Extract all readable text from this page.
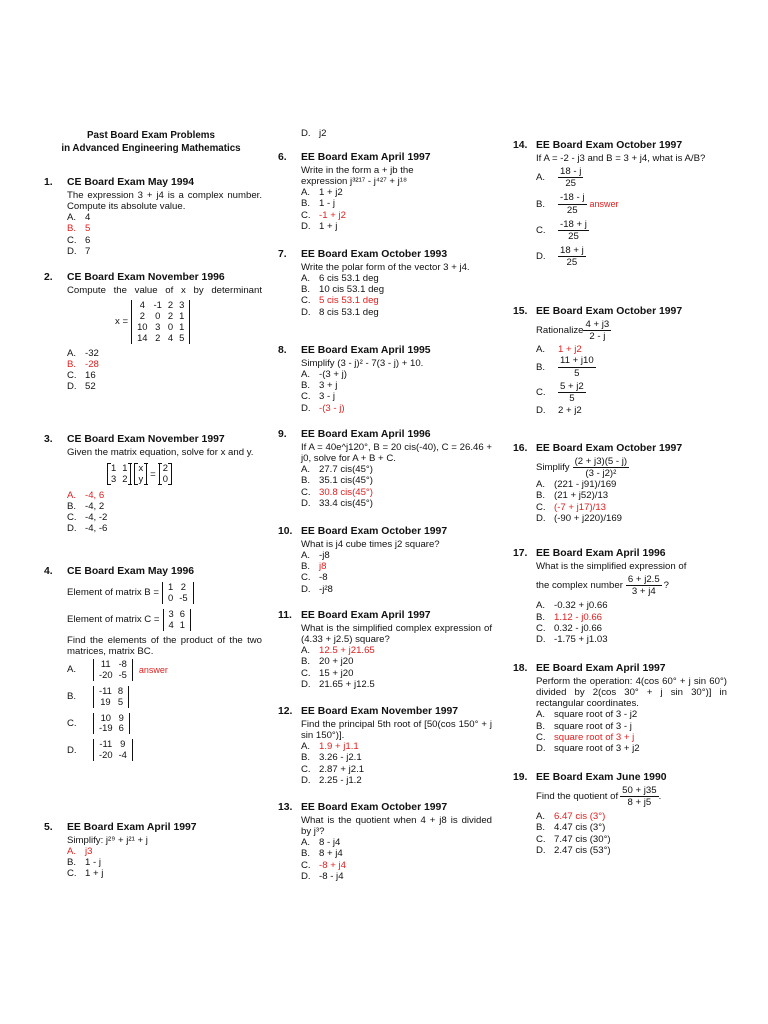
Past Board Exam Problems
in Advanced Engineering Mathematics
1. CE Board Exam May 1994
The expression 3 + j4 is a complex number. Compute its absolute value.
A. 4
B. 5
C. 6
D. 7
2. CE Board Exam November 1996
Compute the value of x by determinant
x =
4	-1	2	3
2	0	2	1
10	3	0	1
14	2	4	5
A. -32
B. -28
C. 16
D. 52
3. CE Board Exam November 1997
Given the matrix equation, solve for x and y.
1	1
3	2

x
y =
2
0

A. -4, 6
B. -4, 2
C. -4, -2
D. -4, -6
4. CE Board Exam May 1996
Element of matrix B =
1	2
0	-5
Element of matrix C =
3	6
4	1
Find the elements of the product of the two matrices, matrix BC.
A.
11	-8
-20	-5 answer
B.
-11	8
19	5
C.
10	9
-19	6
D.
-11	9
-20	-4
5. EE Board Exam April 1997
Simplify: j²⁹ + j²¹ + j
A. j3
B. 1 - j
C. 1 + j
D. j2
6. EE Board Exam April 1997
Write in the form a + jb the
expression j³²¹⁷ - j⁴²⁷ + j¹⁸
A. 1 + j2
B. 1 - j
C. -1 + j2
D. 1 + j
7. EE Board Exam October 1993
Write the polar form of the vector 3 + j4.
A. 6 cis 53.1 deg
B. 10 cis 53.1 deg
C. 5 cis 53.1 deg
D. 8 cis 53.1 deg
8. EE Board Exam April 1995
Simplify (3 - j)² - 7(3 - j) + 10.
A. -(3 + j)
B. 3 + j
C. 3 - j
D. -(3 - j)
9. EE Board Exam April 1996
If A = 40e^j120°, B = 20 cis(-40), C = 26.46 + j0, solve for A + B + C.
A. 27.7 cis(45°)
B. 35.1 cis(45°)
C. 30.8 cis(45°)
D. 33.4 cis(45°)
10. EE Board Exam October 1997
What is j4 cube times j2 square?
A. -j8
B. j8
C. -8
D. -j²8
11. EE Board Exam April 1997
What is the simplified complex expression of (4.33 + j2.5) square?
A. 12.5 + j21.65
B. 20 + j20
C. 15 + j20
D. 21.65 + j12.5
12. EE Board Exam November 1997
Find the principal 5th root of [50(cos 150° + j sin 150°)].
A. 1.9 + j1.1
B. 3.26 - j2.1
C. 2.87 + j2.1
D. 2.25 - j1.2
13. EE Board Exam October 1997
What is the quotient when 4 + j8 is divided by j³?
A. 8 - j4
B. 8 + j4
C. -8 + j4
D. -8 - j4
14. EE Board Exam October 1997
If A = -2 - j3 and B = 3 + j4, what is A/B?
A.	$\frac{18 - j}{25}$
B.	$\frac{-18 - j}{25}$ answer
C.	$\frac{-18 + j}{25}$
D.	$\frac{18 + j}{25}$
15. EE Board Exam October 1997
Rationalize $\frac{4 + j3}{2 - j}$
A.	1 + j2
B.	$\frac{11 + j10}{5}$
C.	$\frac{5 + j2}{5}$
D.	2 + j2
16. EE Board Exam October 1997
Simplify $\frac{(2 + j3)(5 - j)}{\text{(3 - j2)²}}$
A. (221 - j91)/169
B. (21 + j52)/13
C. (-7 + j17)/13
D. (-90 + j220)/169
17. EE Board Exam April 1996
What is the simplified expression of
the complex number $\frac{6 + j2.5}{3 + j4}$ ?
A. -0.32 + j0.66
B. 1.12 - j0.66
C. 0.32 - j0.66
D. -1.75 + j1.03
18. EE Board Exam April 1997
Perform the operation: 4(cos 60° + j sin 60°) divided by 2(cos 30° + j sin 30°)] in rectangular coordinates.
A. square root of 3 - j2
B. square root of 3 - j
C. square root of 3 + j
D. square root of 3 + j2
19. EE Board Exam June 1990
Find the quotient of $\frac{50 + j35}{8 + j5}$ .
A. 6.47 cis (3°)
B. 4.47 cis (3°)
C. 7.47 cis (30°)
D. 2.47 cis (53°)
